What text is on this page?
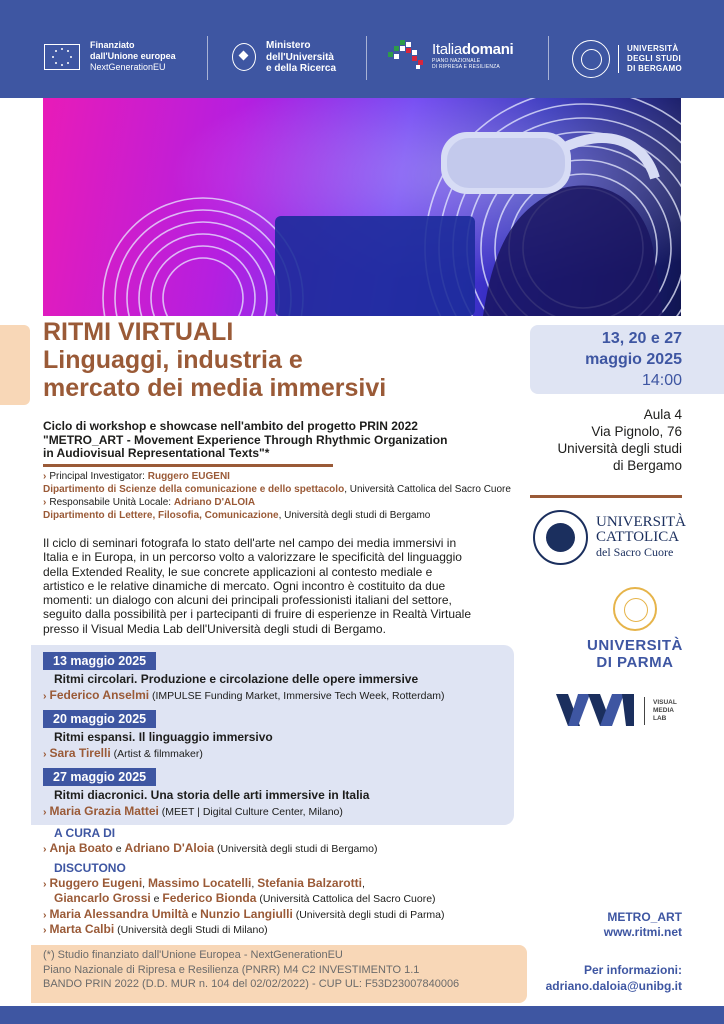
Finanziato
dall'Unione europea
NextGenerationEU
Ministero
dell'Università
e della Ricerca
Italiadomani
PIANO NAZIONALE
DI RIPRESA E RESILIENZA
UNIVERSITÀ
DEGLI STUDI
DI BERGAMO
RITMI VIRTUALI
Linguaggi, industria e
mercato dei media immersivi
13, 20 e 27
maggio 2025
14:00
Aula 4
Via Pignolo, 76
Università degli studi
di Bergamo
Ciclo di workshop e showcase nell'ambito del progetto PRIN 2022
"METRO_ART - Movement Experience Through Rhythmic Organization
in Audiovisual Representational Texts"*
› Principal Investigator: Ruggero EUGENI
Dipartimento di Scienze della comunicazione e dello spettacolo, Università Cattolica del Sacro Cuore
› Responsabile Unità Locale: Adriano D'ALOIA
Dipartimento di Lettere, Filosofia, Comunicazione, Università degli studi di Bergamo
Il ciclo di seminari fotografa lo stato dell'arte nel campo dei media immersivi in
Italia e in Europa, in un percorso volto a valorizzare le specificità del linguaggio
della Extended Reality, le sue concrete applicazioni al contesto mediale e
artistico e le relative dinamiche di mercato. Ogni incontro è costituito da due
momenti: un dialogo con alcuni dei principali professionisti italiani del settore,
seguito dalla possibilità per i partecipanti di fruire di esperienze in Realtà Virtuale
presso il Visual Media Lab dell'Università degli studi di Bergamo.
UNIVERSITÀ
CATTOLICA
del Sacro Cuore
UNIVERSITÀ
DI PARMA
VISUAL
MEDIA
LAB
13 maggio 2025
Ritmi circolari. Produzione e circolazione delle opere immersive
› Federico Anselmi (IMPULSE Funding Market, Immersive Tech Week, Rotterdam)
20 maggio 2025
Ritmi espansi. Il linguaggio immersivo
› Sara Tirelli (Artist & filmmaker)
27 maggio 2025
Ritmi diacronici. Una storia delle arti immersive in Italia
› Maria Grazia Mattei (MEET | Digital Culture Center, Milano)
A CURA DI
› Anja Boato e Adriano D'Aloia (Università degli studi di Bergamo)
DISCUTONO
› Ruggero Eugeni, Massimo Locatelli, Stefania Balzarotti,
Giancarlo Grossi e Federico Bionda (Università Cattolica del Sacro Cuore)
› Maria Alessandra Umiltà e Nunzio Langiulli (Università degli studi di Parma)
› Marta Calbi (Università degli Studi di Milano)
METRO_ART
www.ritmi.net
(*) Studio finanziato dall'Unione Europea - NextGenerationEU
Piano Nazionale di Ripresa e Resilienza (PNRR) M4 C2 INVESTIMENTO 1.1
BANDO PRIN 2022 (D.D. MUR n. 104 del 02/02/2022) - CUP UL: F53D23007840006
Per informazioni:
adriano.daloia@unibg.it
